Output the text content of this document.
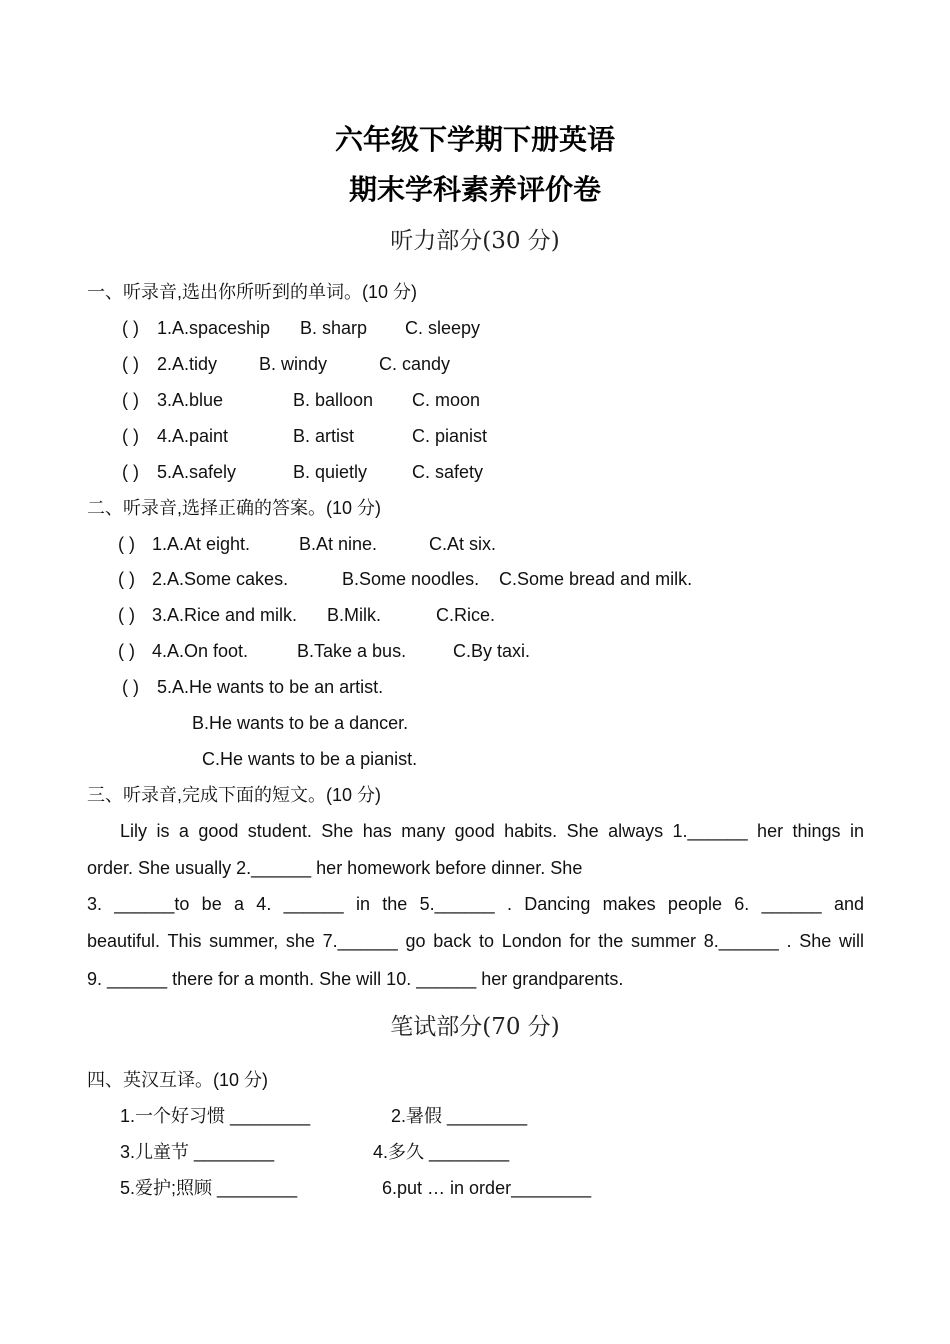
六年级下学期下册英语
期末学科素养评价卷
听力部分(30 分)
一、听录音,选出你所听到的单词。(10 分)
( ) 1.A.spaceship B. sharp C. sleepy
( ) 2.A.tidy B. windy	C. candy
( ) 3.A.blue	B. balloon C. moon
( ) 4.A.paint	B. artist	C. pianist
( ) 5.A.safely	B. quietly C. safety
二、听录音,选择正确的答案。(10 分)
( ) 1.A.At eight.	B.At nine.	C.At six.
( ) 2.A.Some cakes.	B.Some noodles. C.Some bread and milk.
( ) 3.A.Rice and milk. B.Milk.	C.Rice.
( ) 4.A.On foot.	B.Take a bus.	C.By taxi.
( ) 5.A.He wants to be an artist.
B.He wants to be a dancer.
C.He wants to be a pianist.
三、听录音,完成下面的短文。(10 分)
Lily is a good student. She has many good habits. She always 1.______ her things in
order. She usually 2.______ her homework before dinner. She
3. ______to be a 4. ______ in the 5.______ . Dancing makes people 6. ______ and
beautiful. This summer, she 7.______ go back to London for the summer 8.______ . She will
9. ______ there for a month. She will 10. ______ her grandparents.
笔试部分(70 分)
四、英汉互译。(10 分)
1.一个好习惯 ________	2.暑假 ________
3.儿童节 ________	4.多久 ________
5.爱护;照顾 ________	6.put … in order________
